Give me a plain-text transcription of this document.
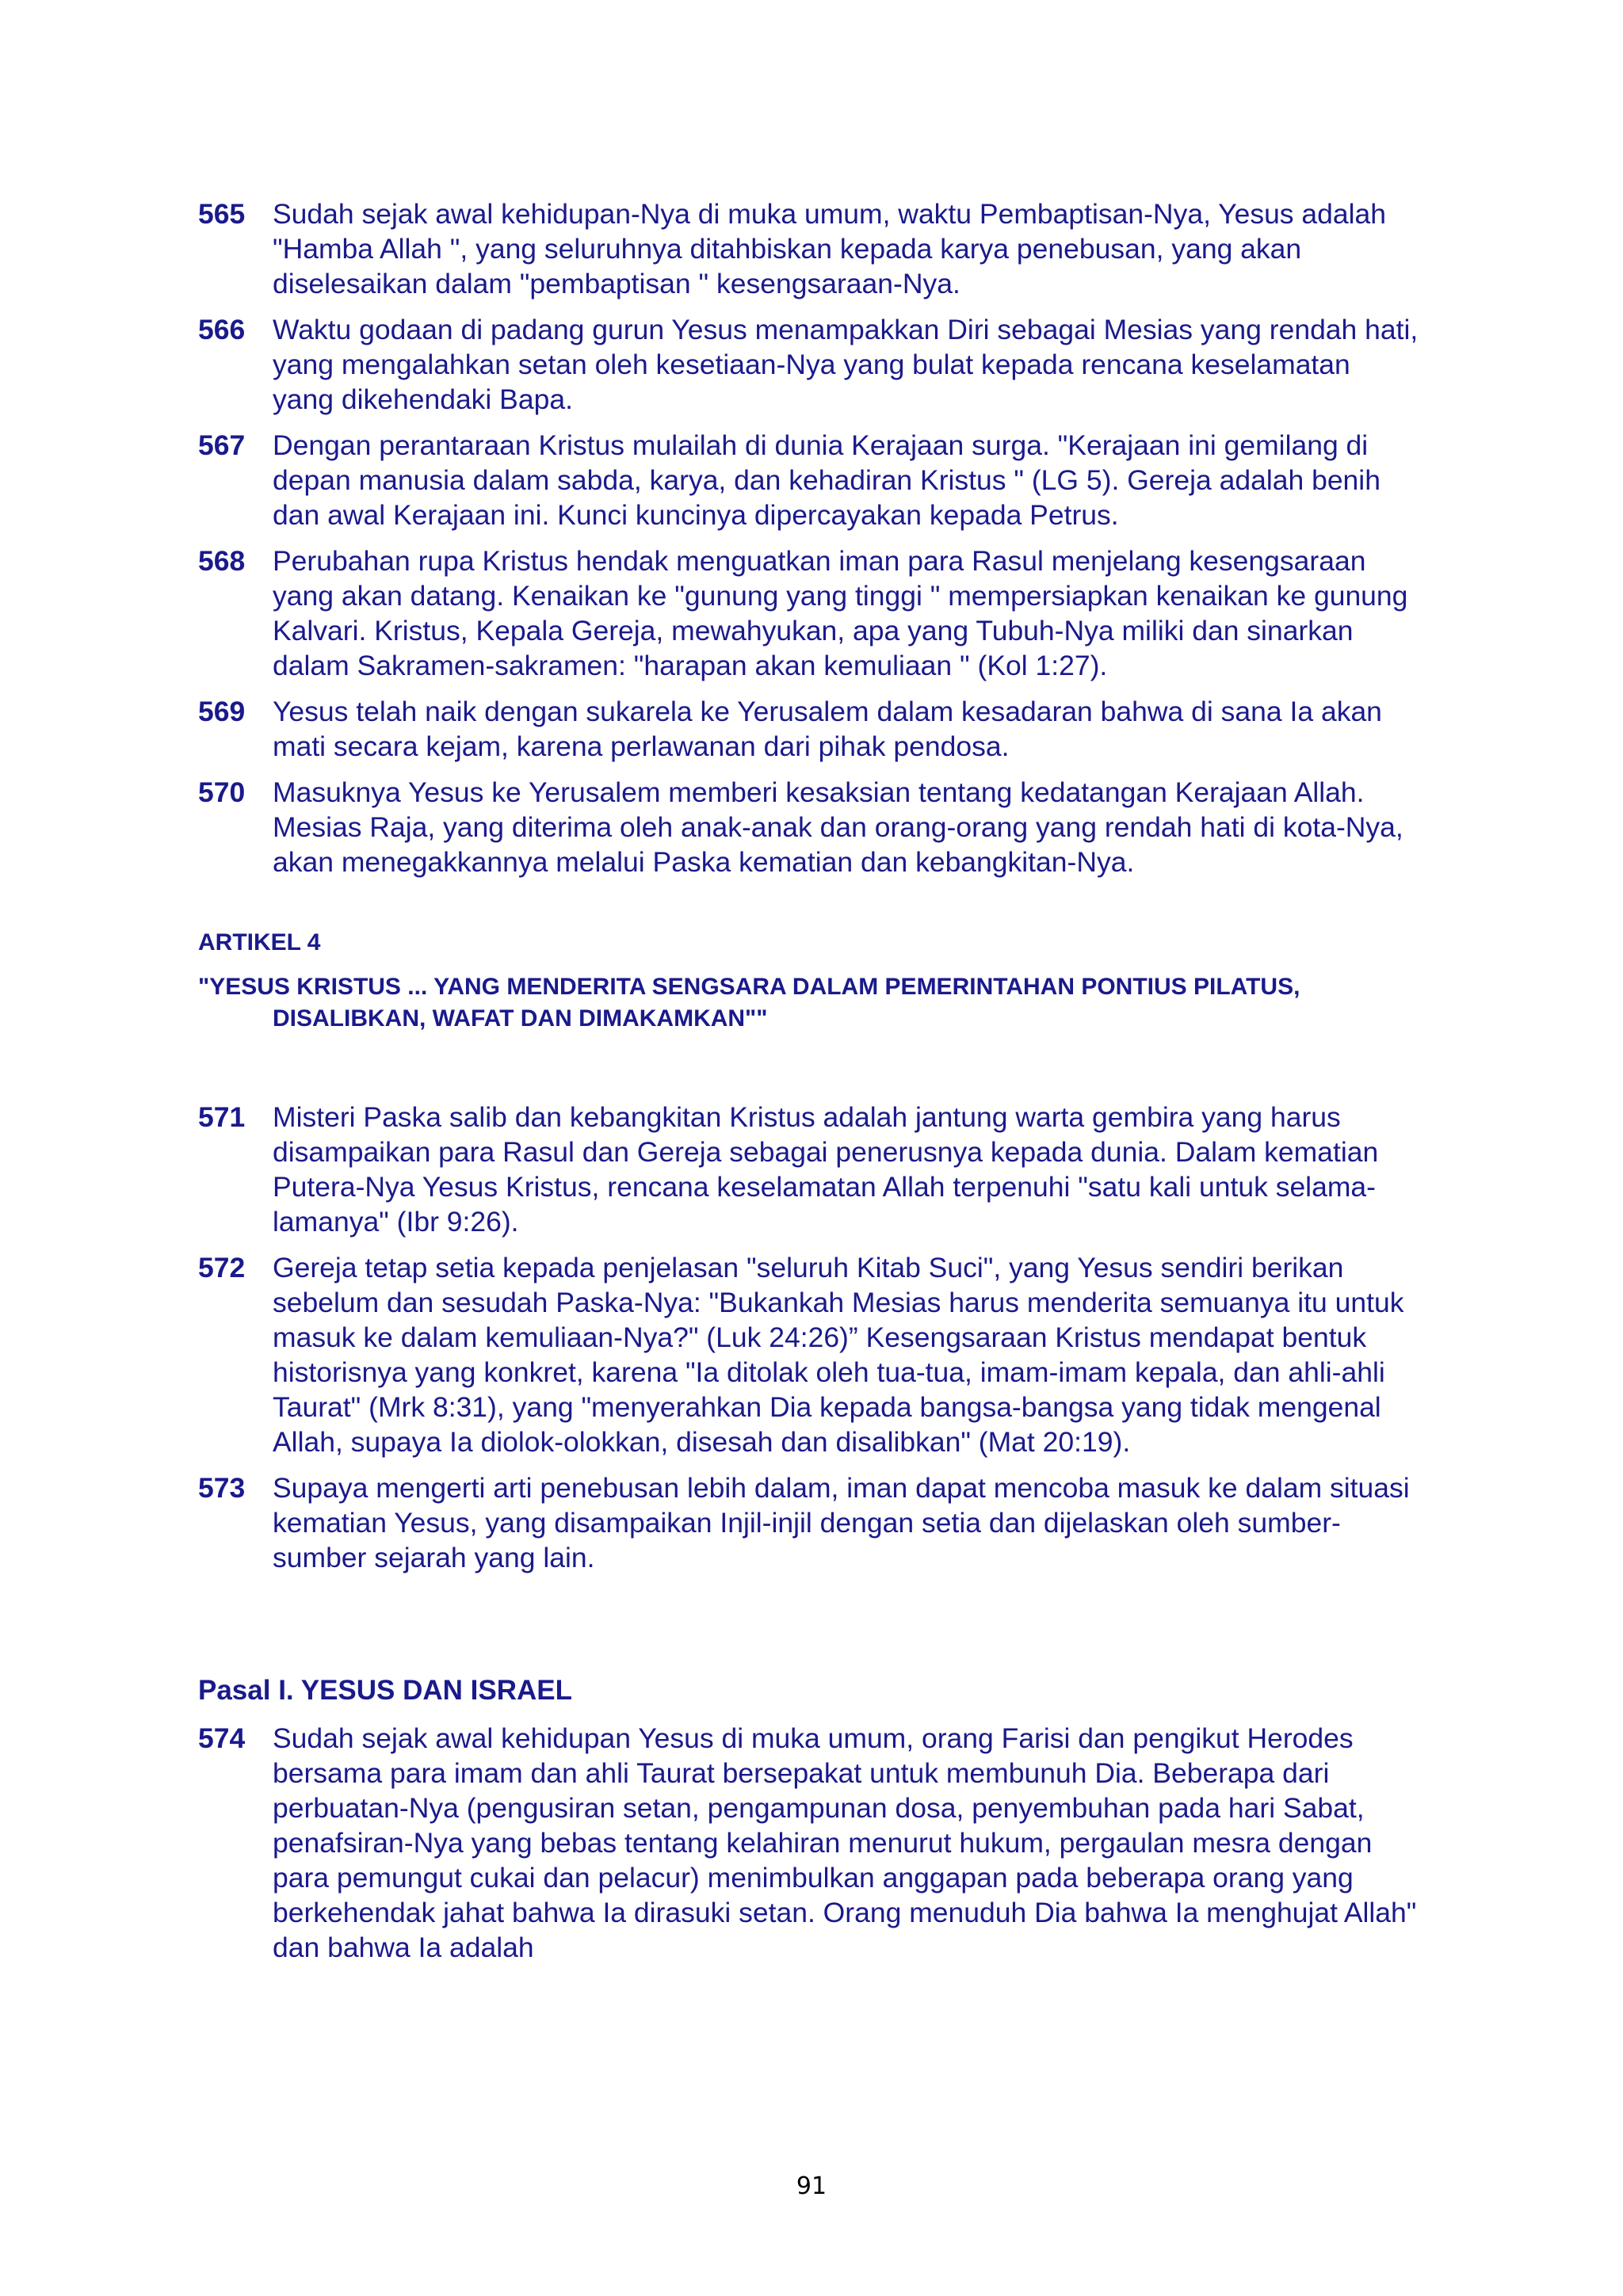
565 Sudah sejak awal kehidupan-Nya di muka umum, waktu Pembaptisan-Nya, Yesus adalah "Hamba Allah ", yang seluruhnya ditahbiskan kepada karya penebusan, yang akan diselesaikan dalam "pembaptisan " kesengsaraan-Nya.
566 Waktu godaan di padang gurun Yesus menampakkan Diri sebagai Mesias yang rendah hati, yang mengalahkan setan oleh kesetiaan-Nya yang bulat kepada rencana keselamatan yang dikehendaki Bapa.
567 Dengan perantaraan Kristus mulailah di dunia Kerajaan surga. "Kerajaan ini gemilang di depan manusia dalam sabda, karya, dan kehadiran Kristus " (LG 5). Gereja adalah benih dan awal Kerajaan ini. Kunci kuncinya dipercayakan kepada Petrus.
568 Perubahan rupa Kristus hendak menguatkan iman para Rasul menjelang kesengsaraan yang akan datang. Kenaikan ke "gunung yang tinggi " mempersiapkan kenaikan ke gunung Kalvari. Kristus, Kepala Gereja, mewahyukan, apa yang Tubuh-Nya miliki dan sinarkan dalam Sakramen-sakramen: "harapan akan kemuliaan " (Kol 1:27).
569 Yesus telah naik dengan sukarela ke Yerusalem dalam kesadaran bahwa di sana Ia akan mati secara kejam, karena perlawanan dari pihak pendosa.
570 Masuknya Yesus ke Yerusalem memberi kesaksian tentang kedatangan Kerajaan Allah. Mesias Raja, yang diterima oleh anak-anak dan orang-orang yang rendah hati di kota-Nya, akan menegakkannya melalui Paska kematian dan kebangkitan-Nya.
ARTIKEL 4
"YESUS KRISTUS ... YANG MENDERITA SENGSARA DALAM PEMERINTAHAN PONTIUS PILATUS, DISALIBKAN, WAFAT DAN DIMAKAMKAN""
571 Misteri Paska salib dan kebangkitan Kristus adalah jantung warta gembira yang harus disampaikan para Rasul dan Gereja sebagai penerusnya kepada dunia. Dalam kematian Putera-Nya Yesus Kristus, rencana keselamatan Allah terpenuhi "satu kali untuk selama-lamanya" (Ibr 9:26).
572 Gereja tetap setia kepada penjelasan "seluruh Kitab Suci", yang Yesus sendiri berikan sebelum dan sesudah Paska-Nya: "Bukankah Mesias harus menderita semuanya itu untuk masuk ke dalam kemuliaan-Nya?" (Luk 24:26)” Kesengsaraan Kristus mendapat bentuk historisnya yang konkret, karena "Ia ditolak oleh tua-tua, imam-imam kepala, dan ahli-ahli Taurat" (Mrk 8:31), yang "menyerahkan Dia kepada bangsa-bangsa yang tidak mengenal Allah, supaya Ia diolok-olokkan, disesah dan disalibkan" (Mat 20:19).
573 Supaya mengerti arti penebusan lebih dalam, iman dapat mencoba masuk ke dalam situasi kematian Yesus, yang disampaikan Injil-injil dengan setia dan dijelaskan oleh sumber-sumber sejarah yang lain.
Pasal I. YESUS DAN ISRAEL
574 Sudah sejak awal kehidupan Yesus di muka umum, orang Farisi dan pengikut Herodes bersama para imam dan ahli Taurat bersepakat untuk membunuh Dia. Beberapa dari perbuatan-Nya (pengusiran setan, pengampunan dosa, penyembuhan pada hari Sabat, penafsiran-Nya yang bebas tentang kelahiran menurut hukum, pergaulan mesra dengan para pemungut cukai dan pelacur) menimbulkan anggapan pada beberapa orang yang berkehendak jahat bahwa Ia dirasuki setan. Orang menuduh Dia bahwa Ia menghujat Allah" dan bahwa Ia adalah
91
